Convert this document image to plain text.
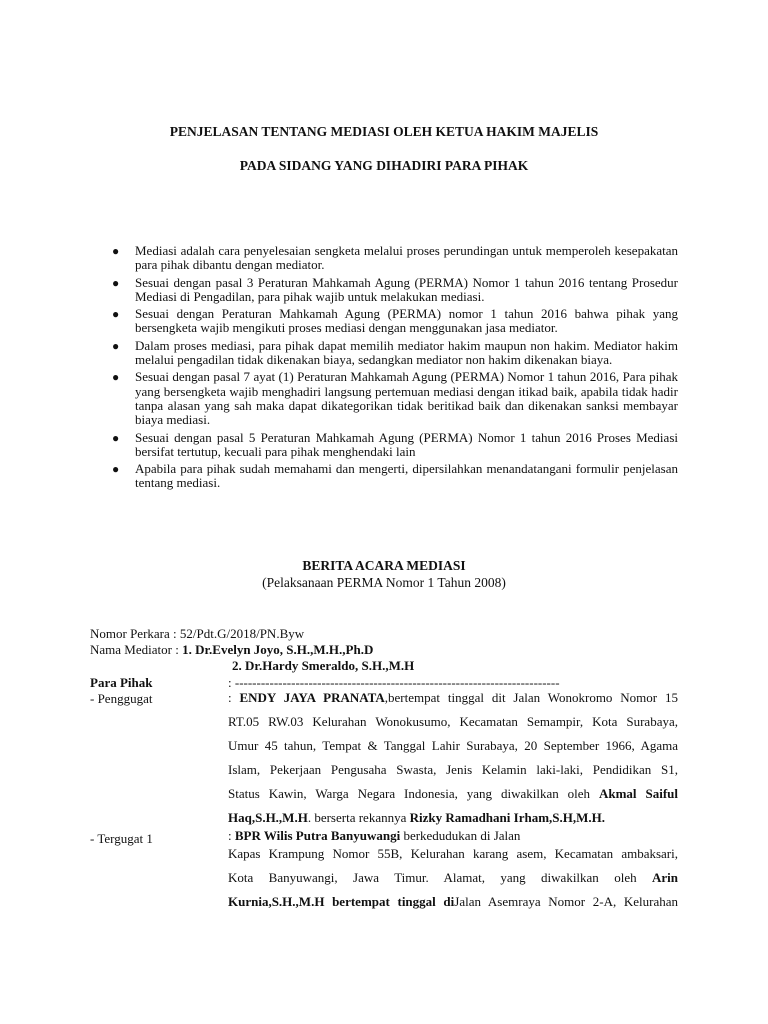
PENJELASAN TENTANG MEDIASI OLEH KETUA HAKIM MAJELIS
PADA SIDANG YANG DIHADIRI PARA PIHAK
● Mediasi adalah cara penyelesaian sengketa melalui proses perundingan untuk memperoleh kesepakatan para pihak dibantu dengan mediator.
● Sesuai dengan pasal 3 Peraturan Mahkamah Agung (PERMA) Nomor 1 tahun 2016 tentang Prosedur Mediasi di Pengadilan, para pihak wajib untuk melakukan mediasi.
● Sesuai dengan Peraturan Mahkamah Agung (PERMA) nomor 1 tahun 2016 bahwa pihak yang bersengketa wajib mengikuti proses mediasi dengan menggunakan jasa mediator.
● Dalam proses mediasi, para pihak dapat memilih mediator hakim maupun non hakim. Mediator hakim melalui pengadilan tidak dikenakan biaya, sedangkan mediator non hakim dikenakan biaya.
● Sesuai dengan pasal 7 ayat (1) Peraturan Mahkamah Agung (PERMA) Nomor 1 tahun 2016, Para pihak yang bersengketa wajib menghadiri langsung pertemuan mediasi dengan itikad baik, apabila tidak hadir tanpa alasan yang sah maka dapat dikategorikan tidak beritikad baik dan dikenakan sanksi membayar biaya mediasi.
● Sesuai dengan pasal 5 Peraturan Mahkamah Agung (PERMA) Nomor 1 tahun 2016 Proses Mediasi bersifat tertutup, kecuali para pihak menghendaki lain
● Apabila para pihak sudah memahami dan mengerti, dipersilahkan menandatangani formulir penjelasan tentang mediasi.
BERITA ACARA MEDIASI
(Pelaksanaan PERMA Nomor 1 Tahun 2008)
Nomor Perkara : 52/Pdt.G/2018/PN.Byw
Nama Mediator : 1. Dr.Evelyn Joyo, S.H.,M.H.,Ph.D
2. Dr.Hardy Smeraldo, S.H.,M.H
Para Pihak	: ---------------------------------------------------------------------------
- Penggugat	: ENDY JAYA PRANATA,bertempat tinggal dit Jalan Wonokromo Nomor 15
RT.05 RW.03 Kelurahan Wonokusumo, Kecamatan Semampir, Kota Surabaya,
Umur 45 tahun, Tempat & Tanggal Lahir Surabaya, 20 September 1966, Agama
Islam, Pekerjaan Pengusaha Swasta, Jenis Kelamin laki-laki, Pendidikan S1,
Status Kawin, Warga Negara Indonesia, yang diwakilkan oleh Akmal Saiful
Haq,S.H.,M.H. berserta rekannya Rizky Ramadhani Irham,S.H,M.H.
- Tergugat 1	: BPR Wilis Putra Banyuwangi berkedudukan di Jalan
Kapas Krampung Nomor 55B, Kelurahan karang asem, Kecamatan ambaksari,
Kota Banyuwangi, Jawa Timur. Alamat, yang diwakilkan oleh Arin
Kurnia,S.H.,M.H bertempat tinggal diJalan Asemraya Nomor 2-A, Kelurahan
